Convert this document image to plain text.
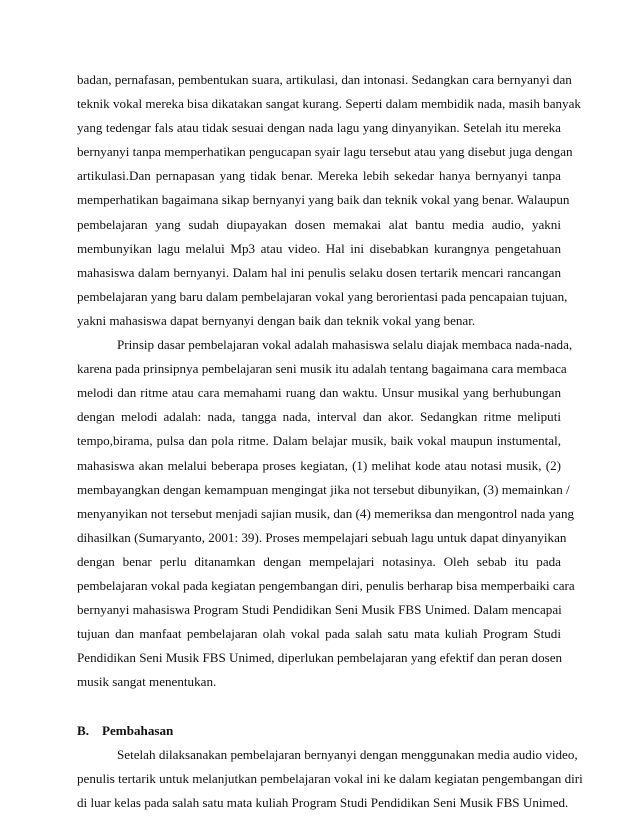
badan, pernafasan, pembentukan suara, artikulasi, dan intonasi. Sedangkan cara bernyanyi dan
teknik vokal mereka bisa dikatakan sangat kurang. Seperti dalam membidik nada, masih banyak
yang tedengar fals atau tidak sesuai dengan nada lagu yang dinyanyikan. Setelah itu mereka
bernyanyi tanpa memperhatikan pengucapan syair lagu tersebut atau yang disebut juga dengan
artikulasi.Dan pernapasan yang tidak benar. Mereka lebih sekedar hanya bernyanyi tanpa
memperhatikan bagaimana sikap bernyanyi yang baik dan teknik vokal yang benar. Walaupun
pembelajaran yang sudah diupayakan dosen memakai alat bantu media audio, yakni
membunyikan lagu melalui Mp3 atau video. Hal ini disebabkan kurangnya pengetahuan
mahasiswa dalam bernyanyi. Dalam hal ini penulis selaku dosen tertarik mencari rancangan
pembelajaran yang baru dalam pembelajaran vokal yang berorientasi pada pencapaian tujuan,
yakni mahasiswa dapat bernyanyi dengan baik dan teknik vokal yang benar.
Prinsip dasar pembelajaran vokal adalah mahasiswa selalu diajak membaca nada-nada,
karena pada prinsipnya pembelajaran seni musik itu adalah tentang bagaimana cara membaca
melodi dan ritme atau cara memahami ruang dan waktu. Unsur musikal yang berhubungan
dengan melodi adalah: nada, tangga nada, interval dan akor. Sedangkan ritme meliputi
tempo,birama, pulsa dan pola ritme. Dalam belajar musik, baik vokal maupun instumental,
mahasiswa akan melalui beberapa proses kegiatan, (1) melihat kode atau notasi musik, (2)
membayangkan dengan kemampuan mengingat jika not tersebut dibunyikan, (3) memainkan /
menyanyikan not tersebut menjadi sajian musik, dan (4) memeriksa dan mengontrol nada yang
dihasilkan (Sumaryanto, 2001: 39). Proses mempelajari sebuah lagu untuk dapat dinyanyikan
dengan benar perlu ditanamkan dengan mempelajari notasinya. Oleh sebab itu pada
pembelajaran vokal pada kegiatan pengembangan diri, penulis berharap bisa memperbaiki cara
bernyanyi mahasiswa Program Studi Pendidikan Seni Musik FBS Unimed. Dalam mencapai
tujuan dan manfaat pembelajaran olah vokal pada salah satu mata kuliah Program Studi
Pendidikan Seni Musik FBS Unimed, diperlukan pembelajaran yang efektif dan peran dosen
musik sangat menentukan.
B. Pembahasan
Setelah dilaksanakan pembelajaran bernyanyi dengan menggunakan media audio video,
penulis tertarik untuk melanjutkan pembelajaran vokal ini ke dalam kegiatan pengembangan diri
di luar kelas pada salah satu mata kuliah Program Studi Pendidikan Seni Musik FBS Unimed.
